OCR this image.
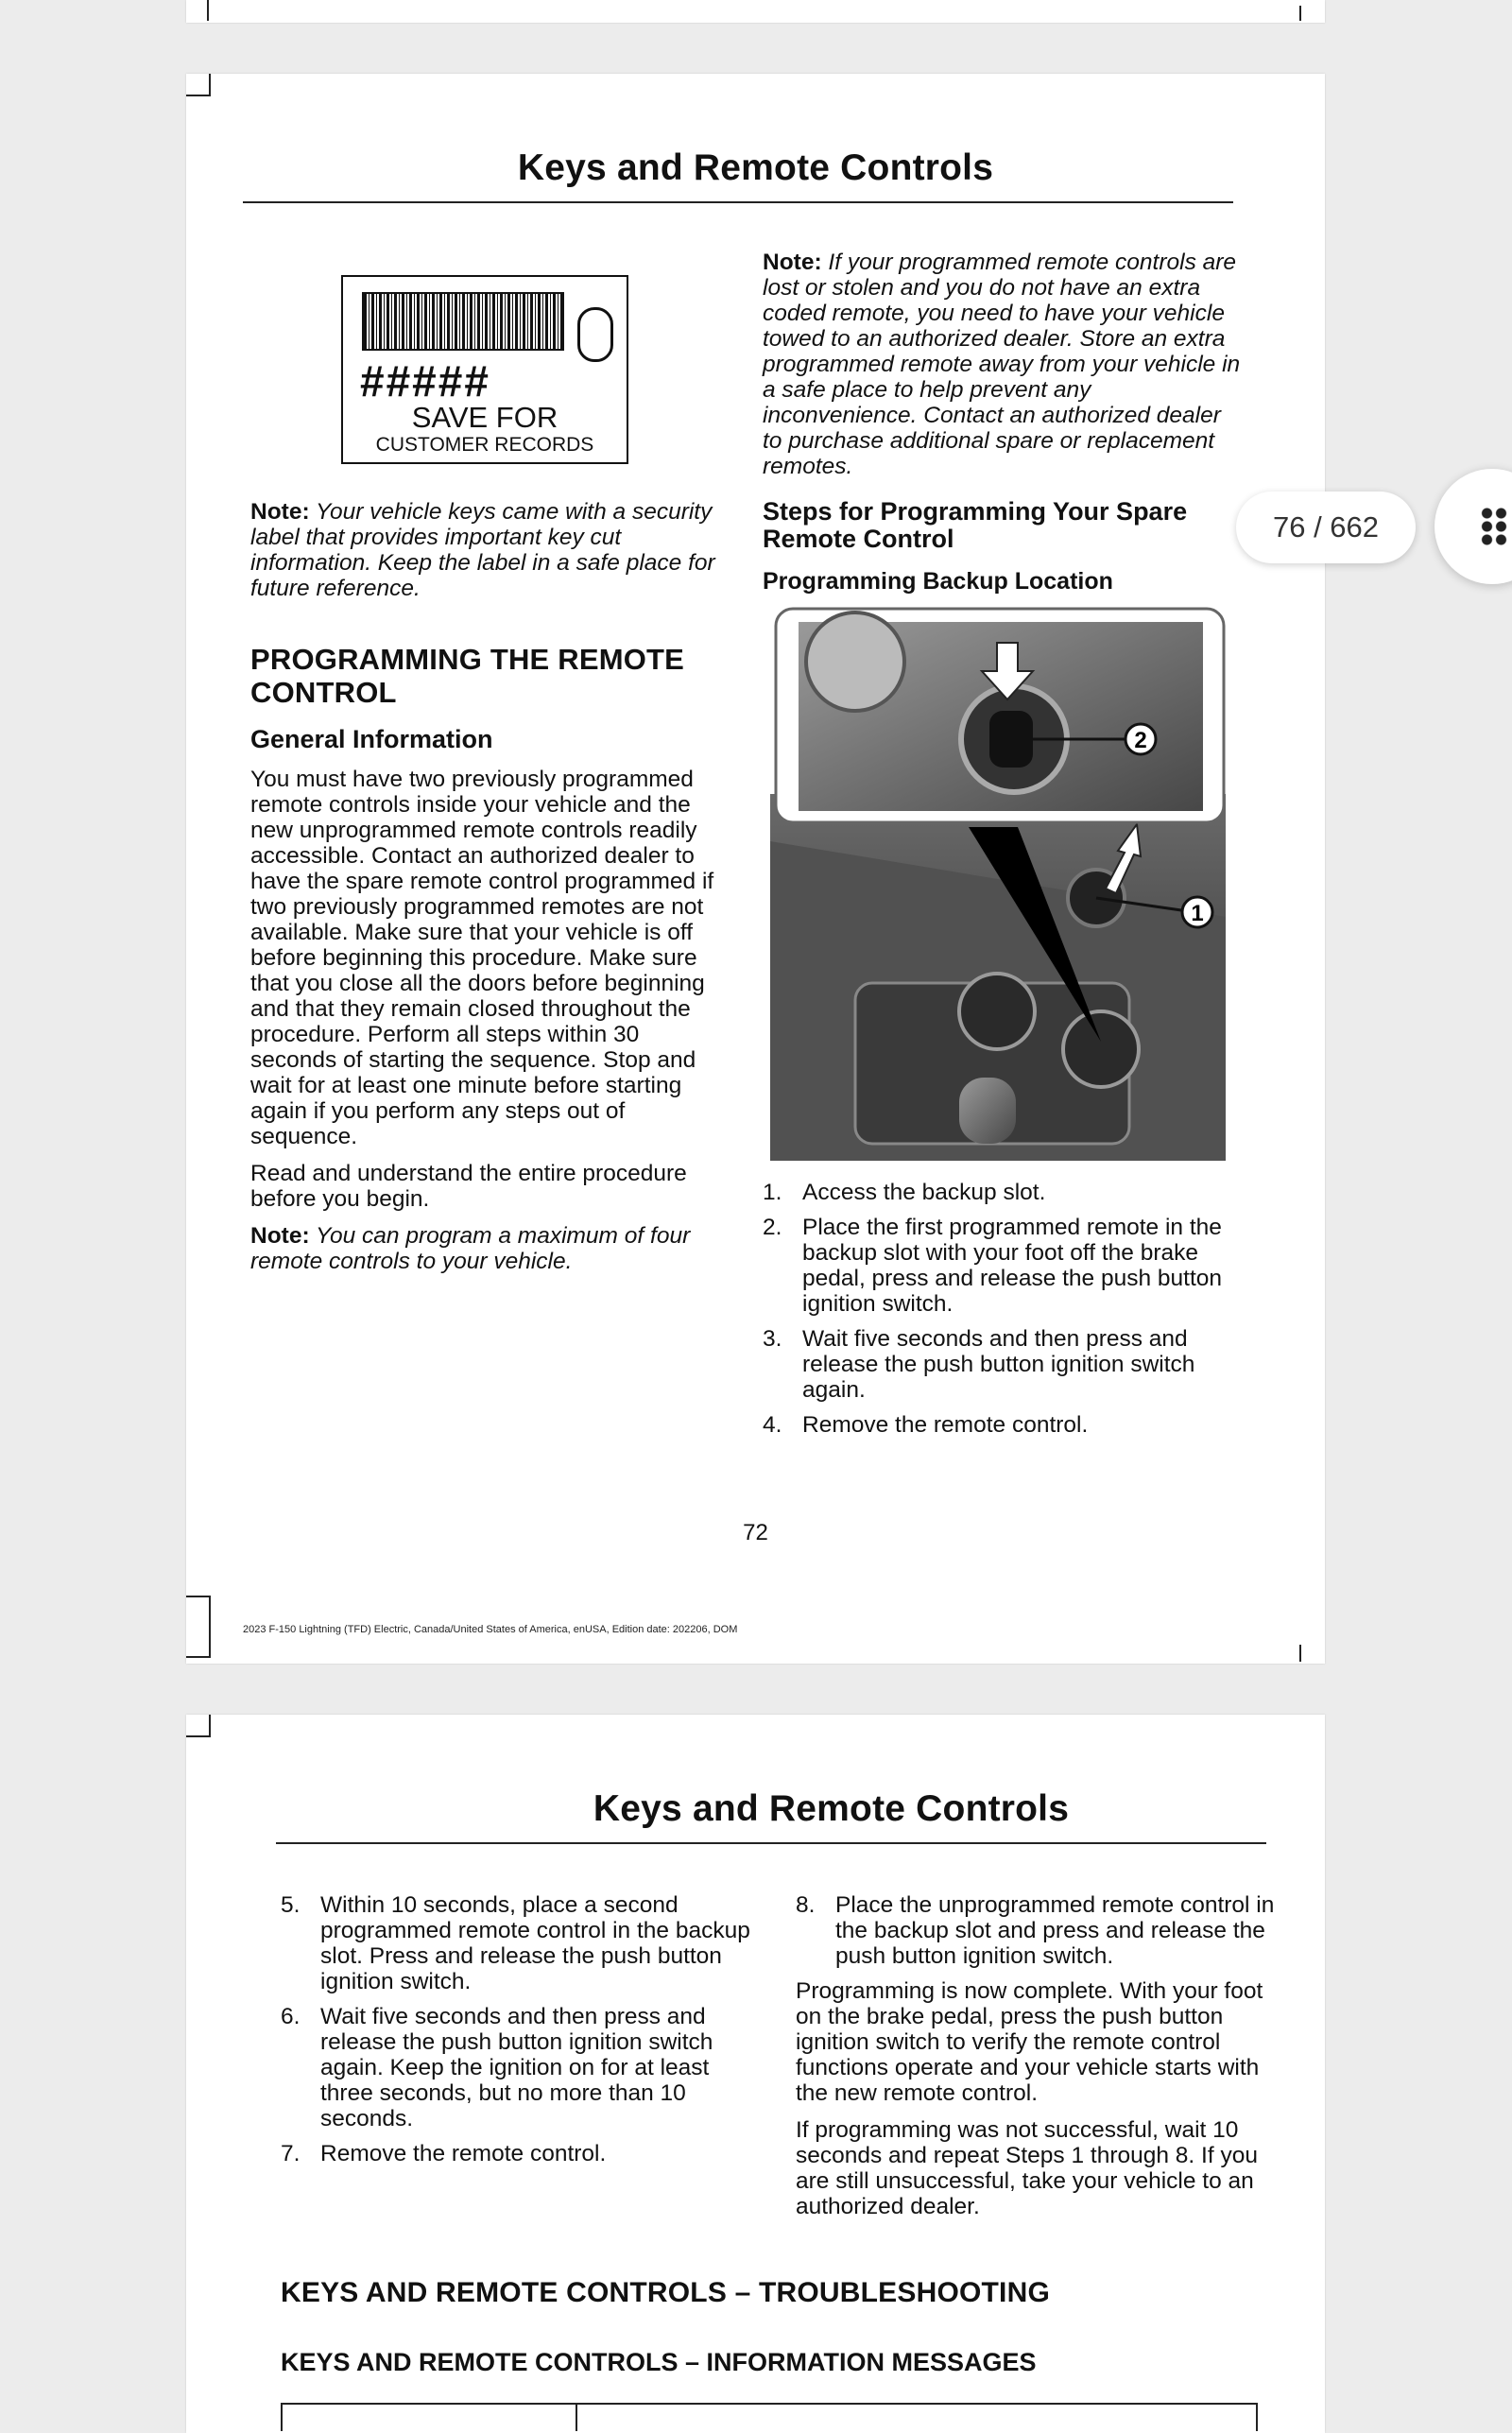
Keys and Remote Controls
#####
SAVE FOR
CUSTOMER RECORDS

Note: Your vehicle keys came with a security label that provides important key cut information. Keep the label in a safe place for future reference.

PROGRAMMING THE REMOTE CONTROL
General Information

You must have two previously programmed remote controls inside your vehicle and the new unprogrammed remote controls readily accessible. Contact an authorized dealer to have the spare remote control programmed if two previously programmed remotes are not available. Make sure that your vehicle is off before beginning this procedure. Make sure that you close all the doors before beginning and that they remain closed throughout the procedure. Perform all steps within 30 seconds of starting the sequence. Stop and wait for at least one minute before starting again if you perform any steps out of sequence.

Read and understand the entire procedure before you begin.

Note: You can program a maximum of four remote controls to your vehicle.

Note: If your programmed remote controls are lost or stolen and you do not have an extra coded remote, you need to have your vehicle towed to an authorized dealer. Store an extra programmed remote away from your vehicle in a safe place to help prevent any inconvenience. Contact an authorized dealer to purchase additional spare or replacement remotes.

Steps for Programming Your Spare Remote Control
Programming Backup Location
1
2
1. Access the backup slot.
2. Place the first programmed remote in the backup slot with your foot off the brake pedal, press and release the push button ignition switch.
3. Wait five seconds and then press and release the push button ignition switch again.
4. Remove the remote control.
72
2023 F-150 Lightning (TFD) Electric, Canada/United States of America, enUSA, Edition date: 202206, DOM
Keys and Remote Controls
5. Within 10 seconds, place a second programmed remote control in the backup slot. Press and release the push button ignition switch.
6. Wait five seconds and then press and release the push button ignition switch again. Keep the ignition on for at least three seconds, but no more than 10 seconds.
7. Remove the remote control.
8. Place the unprogrammed remote control in the backup slot and press and release the push button ignition switch.

Programming is now complete. With your foot on the brake pedal, press the push button ignition switch to verify the remote control functions operate and your vehicle starts with the new remote control.

If programming was not successful, wait 10 seconds and repeat Steps 1 through 8. If you are still unsuccessful, take your vehicle to an authorized dealer.

KEYS AND REMOTE CONTROLS – TROUBLESHOOTING
KEYS AND REMOTE CONTROLS – INFORMATION MESSAGES
76 / 662
